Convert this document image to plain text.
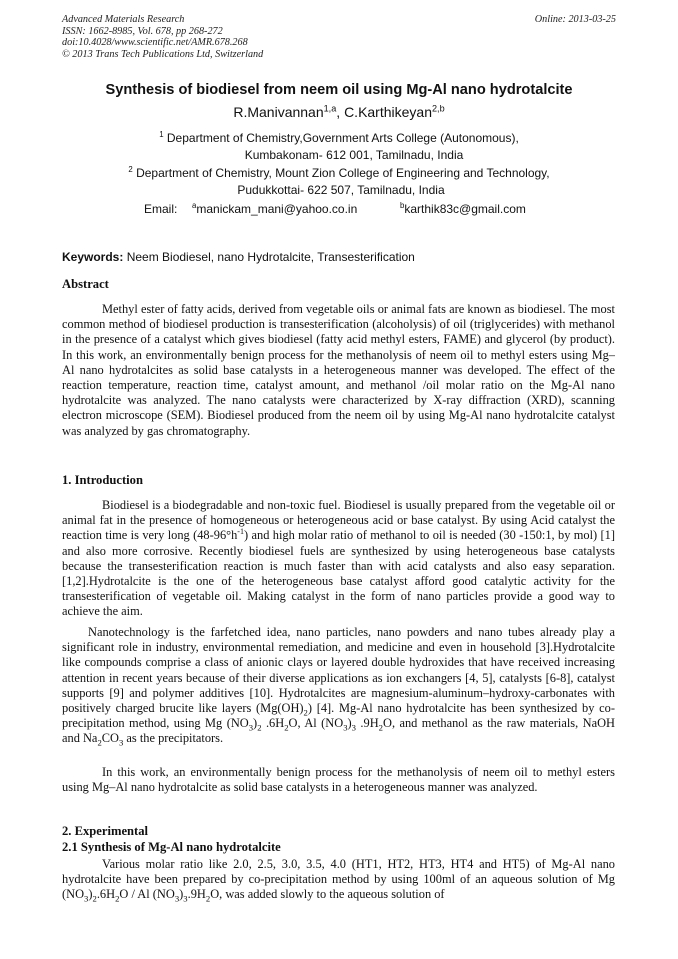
Advanced Materials Research
ISSN: 1662-8985, Vol. 678, pp 268-272
doi:10.4028/www.scientific.net/AMR.678.268
© 2013 Trans Tech Publications Ltd, Switzerland
Online: 2013-03-25
Synthesis of biodiesel from neem oil using Mg-Al nano hydrotalcite
R.Manivannan$^{1,a}$, C.Karthikeyan$^{2,b}$
$^1$ Department of Chemistry,Government Arts College (Autonomous),
Kumbakonam- 612 001, Tamilnadu, India
$^2$ Department of Chemistry, Mount Zion College of Engineering and Technology,
Pudukkottai- 622 507, Tamilnadu, India
Email: $^a$manickam_mani@yahoo.co.in	$^b$karthik83c@gmail.com
Keywords: Neem Biodiesel, nano Hydrotalcite, Transesterification
Abstract
Methyl ester of fatty acids, derived from vegetable oils or animal fats are known as biodiesel. The most common method of biodiesel production is transesterification (alcoholysis) of oil (triglycerides) with methanol in the presence of a catalyst which gives biodiesel (fatty acid methyl esters, FAME) and glycerol (by product). In this work, an environmentally benign process for the methanolysis of neem oil to methyl esters using Mg–Al nano hydrotalcites as solid base catalysts in a heterogeneous manner was developed. The effect of the reaction temperature, reaction time, catalyst amount, and methanol /oil molar ratio on the Mg-Al nano hydrotalcite was analyzed. The nano catalysts were characterized by X-ray diffraction (XRD), scanning electron microscope (SEM). Biodiesel produced from the neem oil by using Mg-Al nano hydrotalcite catalyst was analyzed by gas chromatography.
1. Introduction
Biodiesel is a biodegradable and non-toxic fuel. Biodiesel is usually prepared from the vegetable oil or animal fat in the presence of homogeneous or heterogeneous acid or base catalyst. By using Acid catalyst the reaction time is very long $(48-96^\circ h^{-1})$ and high molar ratio of methanol to oil is needed (30 -150:1, by mol) [1] and also more corrosive. Recently biodiesel fuels are synthesized by using heterogeneous base catalysts because the transesterification reaction is much faster than with acid catalysts and also easy separation. [1,2].Hydrotalcite is the one of the heterogeneous base catalyst afford good catalytic activity for the transesterification of vegetable oil. Making catalyst in the form of nano particles provide a good way to achieve the aim.
Nanotechnology is the farfetched idea, nano particles, nano powders and nano tubes already play a significant role in industry, environmental remediation, and medicine and even in household [3].Hydrotalcite like compounds comprise a class of anionic clays or layered double hydroxides that have received increasing attention in recent years because of their diverse applications as ion exchangers [4, 5], catalysts [6-8], catalyst supports [9] and polymer additives [10]. Hydrotalcites are magnesium-aluminum–hydroxy-carbonates with positively charged brucite like layers $(Mg(OH)_2)$ [4]. Mg-Al nano hydrotalcite has been synthesized by co-precipitation method, using Mg $(NO_3)_2$ $.6H_2O$, Al $(NO_3)_3$ $.9H_2O$, and methanol as the raw materials, NaOH and $Na_2CO_3$ as the precipitators.
In this work, an environmentally benign process for the methanolysis of neem oil to methyl esters using Mg–Al nano hydrotalcite as solid base catalysts in a heterogeneous manner was analyzed.
2. Experimental
2.1 Synthesis of Mg-Al nano hydrotalcite
Various molar ratio like 2.0, 2.5, 3.0, 3.5, 4.0 (HT1, HT2, HT3, HT4 and HT5) of Mg-Al nano hydrotalcite have been prepared by co-precipitation method by using 100ml of an aqueous solution of Mg $(NO_3)_2.6H_2O$ / Al $(NO_3)_3.9H_2O$, was added slowly to the aqueous solution of
